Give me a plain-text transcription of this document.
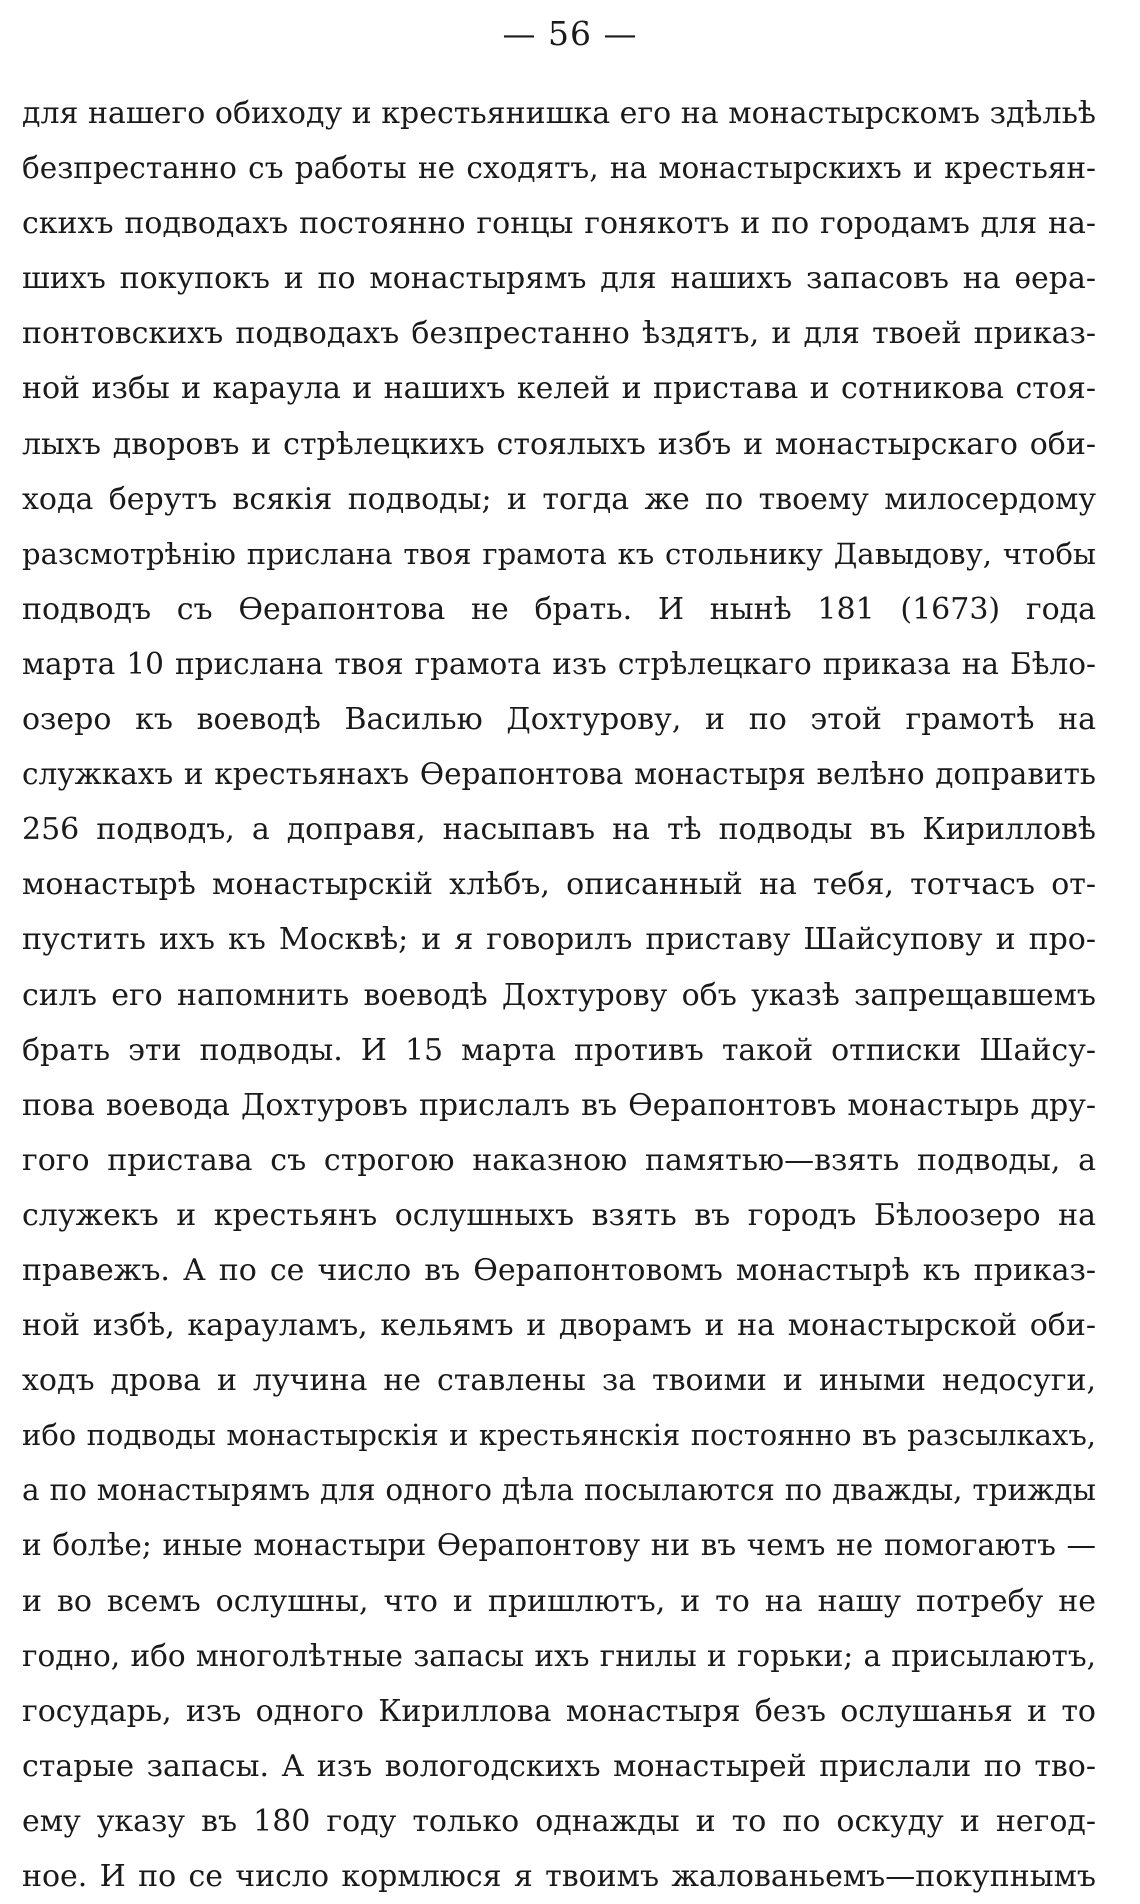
— 56 —
для нашего обиходу и крестьянишка его на монастырскомъ здѣльѣ
безпрестанно съ работы не сходятъ, на монастырскихъ и крестьян-
скихъ подводахъ постоянно гонцы гонякотъ и по городамъ для на-
шихъ покупокъ и по монастырямъ для нашихъ запасовъ на ѳера-
понтовскихъ подводахъ безпрестанно ѣздятъ, и для твоей приказ-
ной избы и караула и нашихъ келей и пристава и сотникова стоя-
лыхъ дворовъ и стрѣлецкихъ стоялыхъ избъ и монастырскаго оби-
хода берутъ всякія подводы; и тогда же по твоему милосердому
разсмотрѣнію прислана твоя грамота къ стольнику Давыдову, чтобы
подводъ съ Ѳерапонтова не брать. И нынѣ 181 (1673) года
марта 10 прислана твоя грамота изъ стрѣлецкаго приказа на Бѣло-
озеро къ воеводѣ Василью Дохтурову, и по этой грамотѣ на
служкахъ и крестьянахъ Ѳерапонтова монастыря велѣно доправить
256 подводъ, а доправя, насыпавъ на тѣ подводы въ Кирилловѣ
монастырѣ монастырскій хлѣбъ, описанный на тебя, тотчасъ от-
пустить ихъ къ Москвѣ; и я говорилъ приставу Шайсупову и про-
силъ его напомнить воеводѣ Дохтурову объ указѣ запрещавшемъ
брать эти подводы. И 15 марта противъ такой отписки Шайсу-
пова воевода Дохтуровъ прислалъ въ Ѳерапонтовъ монастырь дру-
гого пристава съ строгою наказною памятью—взять подводы, а
служекъ и крестьянъ ослушныхъ взять въ городъ Бѣлоозеро на
правежъ. А по се число въ Ѳерапонтовомъ монастырѣ къ приказ-
ной избѣ, карауламъ, кельямъ и дворамъ и на монастырской оби-
ходъ дрова и лучина не ставлены за твоими и иными недосуги,
ибо подводы монастырскія и крестьянскія постоянно въ разсылкахъ,
а по монастырямъ для одного дѣла посылаются по дважды, трижды
и болѣе; иные монастыри Ѳерапонтову ни въ чемъ не помогаютъ —
и во всемъ ослушны, что и пришлютъ, и то на нашу потребу не
годно, ибо многолѣтные запасы ихъ гнилы и горьки; а присылаютъ,
государь, изъ одного Кириллова монастыря безъ ослушанья и то
старые запасы. А изъ вологодскихъ монастырей прислали по тво-
ему указу въ 180 году только однажды и то по оскуду и негод-
ное. И по се число кормлюся я твоимъ жалованьемъ—покупнымъ
